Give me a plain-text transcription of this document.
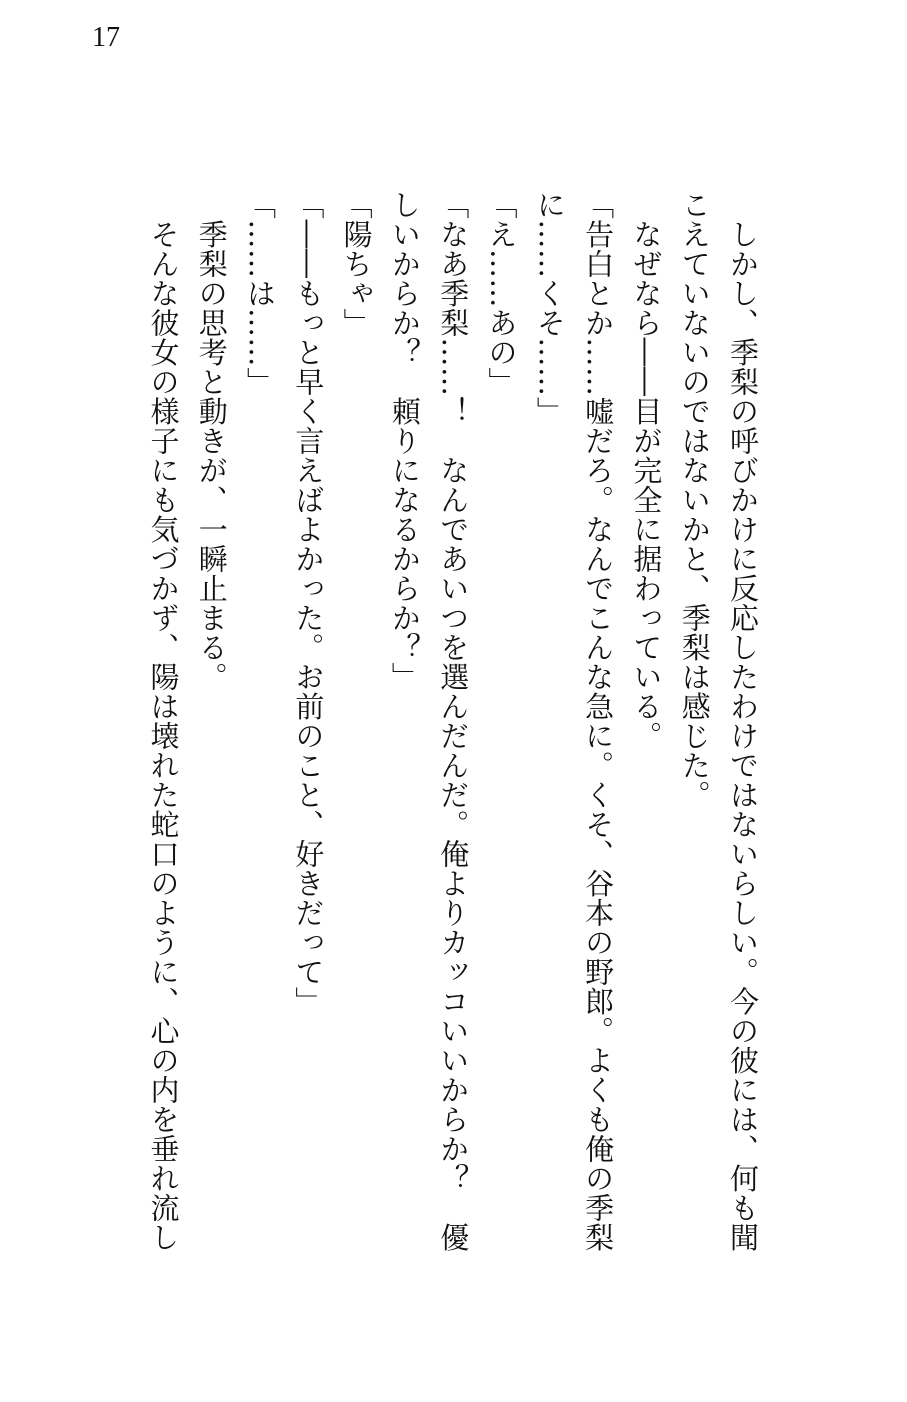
17
　しかし、季梨の呼びかけに反応したわけではないらしい。今の彼には、何も聞
こえていないのではないかと、季梨は感じた。
　なぜなら――目が完全に据わっている。
「告白とか……嘘だろ。なんでこんな急に。くそ、谷本の野郎。よくも俺の季梨
に……くそ……」
「え……あの」
「なあ季梨……！　なんであいつを選んだんだ。俺よりカッコいいからか？　優
しいからか？　頼りになるからか？」
「陽ちゃ」
「――もっと早く言えばよかった。お前のこと、好きだって」
「……は……」
　季梨の思考と動きが、一瞬止まる。
　そんな彼女の様子にも気づかず、陽は壊れた蛇口のように、心の内を垂れ流し
